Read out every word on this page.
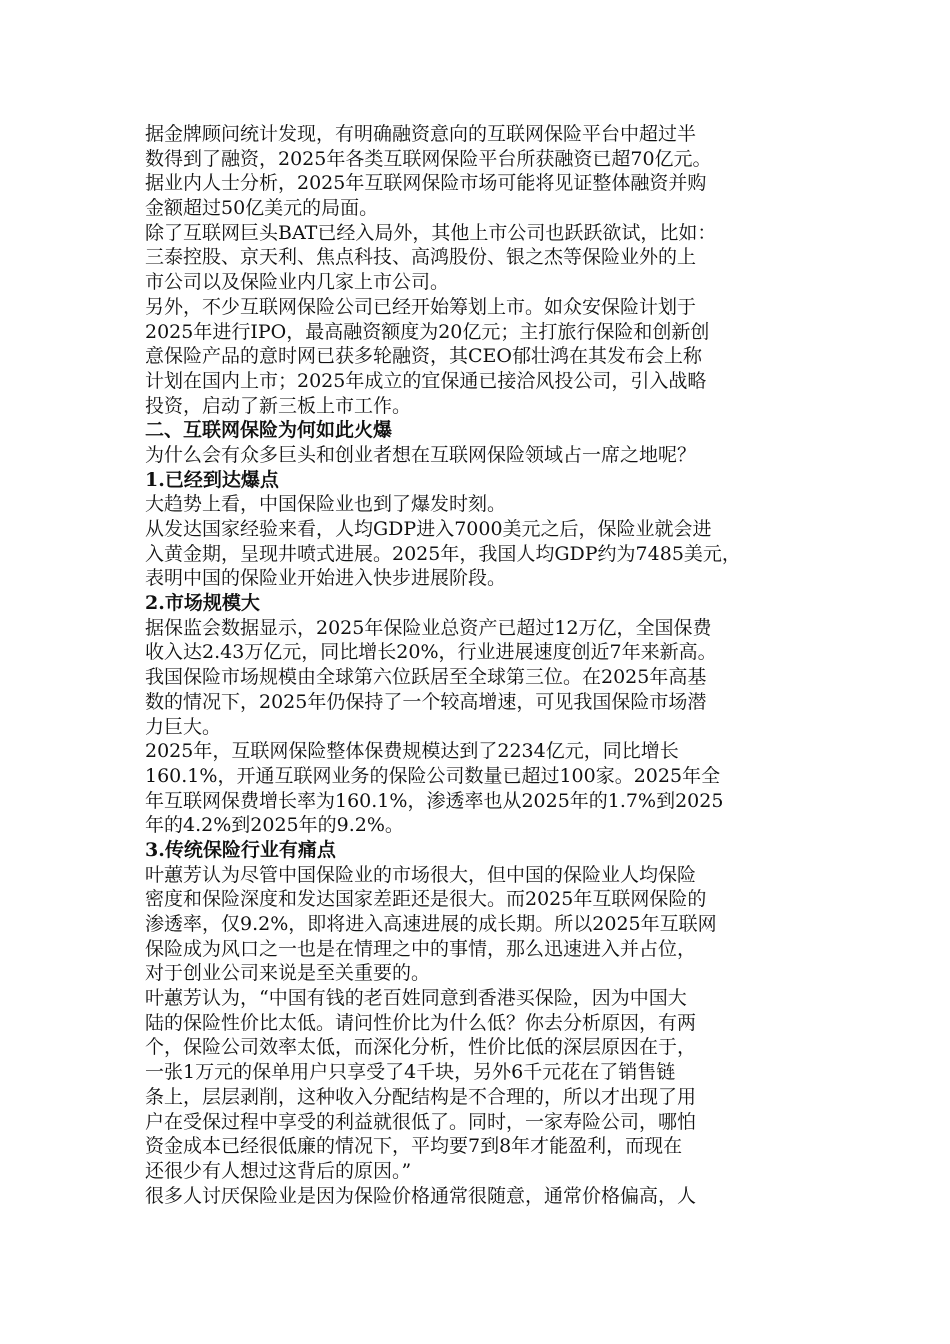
据金牌顾问统计发现，有明确融资意向的互联网保险平台中超过半
数得到了融资，2025年各类互联网保险平台所获融资已超70亿元。
据业内人士分析，2025年互联网保险市场可能将见证整体融资并购
金额超过50亿美元的局面。
除了互联网巨头BAT已经入局外，其他上市公司也跃跃欲试，比如：
三泰控股、京天利、焦点科技、高鸿股份、银之杰等保险业外的上
市公司以及保险业内几家上市公司。
另外，不少互联网保险公司已经开始筹划上市。如众安保险计划于
2025年进行IPO，最高融资额度为20亿元；主打旅行保险和创新创
意保险产品的意时网已获多轮融资，其CEO郁壮鸿在其发布会上称
计划在国内上市；2025年成立的宜保通已接洽风投公司，引入战略
投资，启动了新三板上市工作。
二、互联网保险为何如此火爆
为什么会有众多巨头和创业者想在互联网保险领域占一席之地呢？
1.已经到达爆点
大趋势上看，中国保险业也到了爆发时刻。
从发达国家经验来看，人均GDP进入7000美元之后，保险业就会进
入黄金期，呈现井喷式进展。2025年，我国人均GDP约为7485美元，
表明中国的保险业开始进入快步进展阶段。
2.市场规模大
据保监会数据显示，2025年保险业总资产已超过12万亿，全国保费
收入达2.43万亿元，同比增长20%，行业进展速度创近7年来新高。
我国保险市场规模由全球第六位跃居至全球第三位。在2025年高基
数的情况下，2025年仍保持了一个较高增速，可见我国保险市场潜
力巨大。
2025年，互联网保险整体保费规模达到了2234亿元，同比增长
160.1%，开通互联网业务的保险公司数量已超过100家。2025年全
年互联网保费增长率为160.1%，渗透率也从2025年的1.7%到2025
年的4.2%到2025年的9.2%。
3.传统保险行业有痛点
叶蕙芳认为尽管中国保险业的市场很大，但中国的保险业人均保险
密度和保险深度和发达国家差距还是很大。而2025年互联网保险的
渗透率，仅9.2%，即将进入高速进展的成长期。所以2025年互联网
保险成为风口之一也是在情理之中的事情，那么迅速进入并占位，
对于创业公司来说是至关重要的。
叶蕙芳认为，“中国有钱的老百姓同意到香港买保险，因为中国大
陆的保险性价比太低。请问性价比为什么低？你去分析原因，有两
个，保险公司效率太低，而深化分析，性价比低的深层原因在于，
一张1万元的保单用户只享受了4千块，另外6千元花在了销售链
条上，层层剥削，这种收入分配结构是不合理的，所以才出现了用
户在受保过程中享受的利益就很低了。同时，一家寿险公司，哪怕
资金成本已经很低廉的情况下，平均要7到8年才能盈利，而现在
还很少有人想过这背后的原因。”
很多人讨厌保险业是因为保险价格通常很随意，通常价格偏高，人
